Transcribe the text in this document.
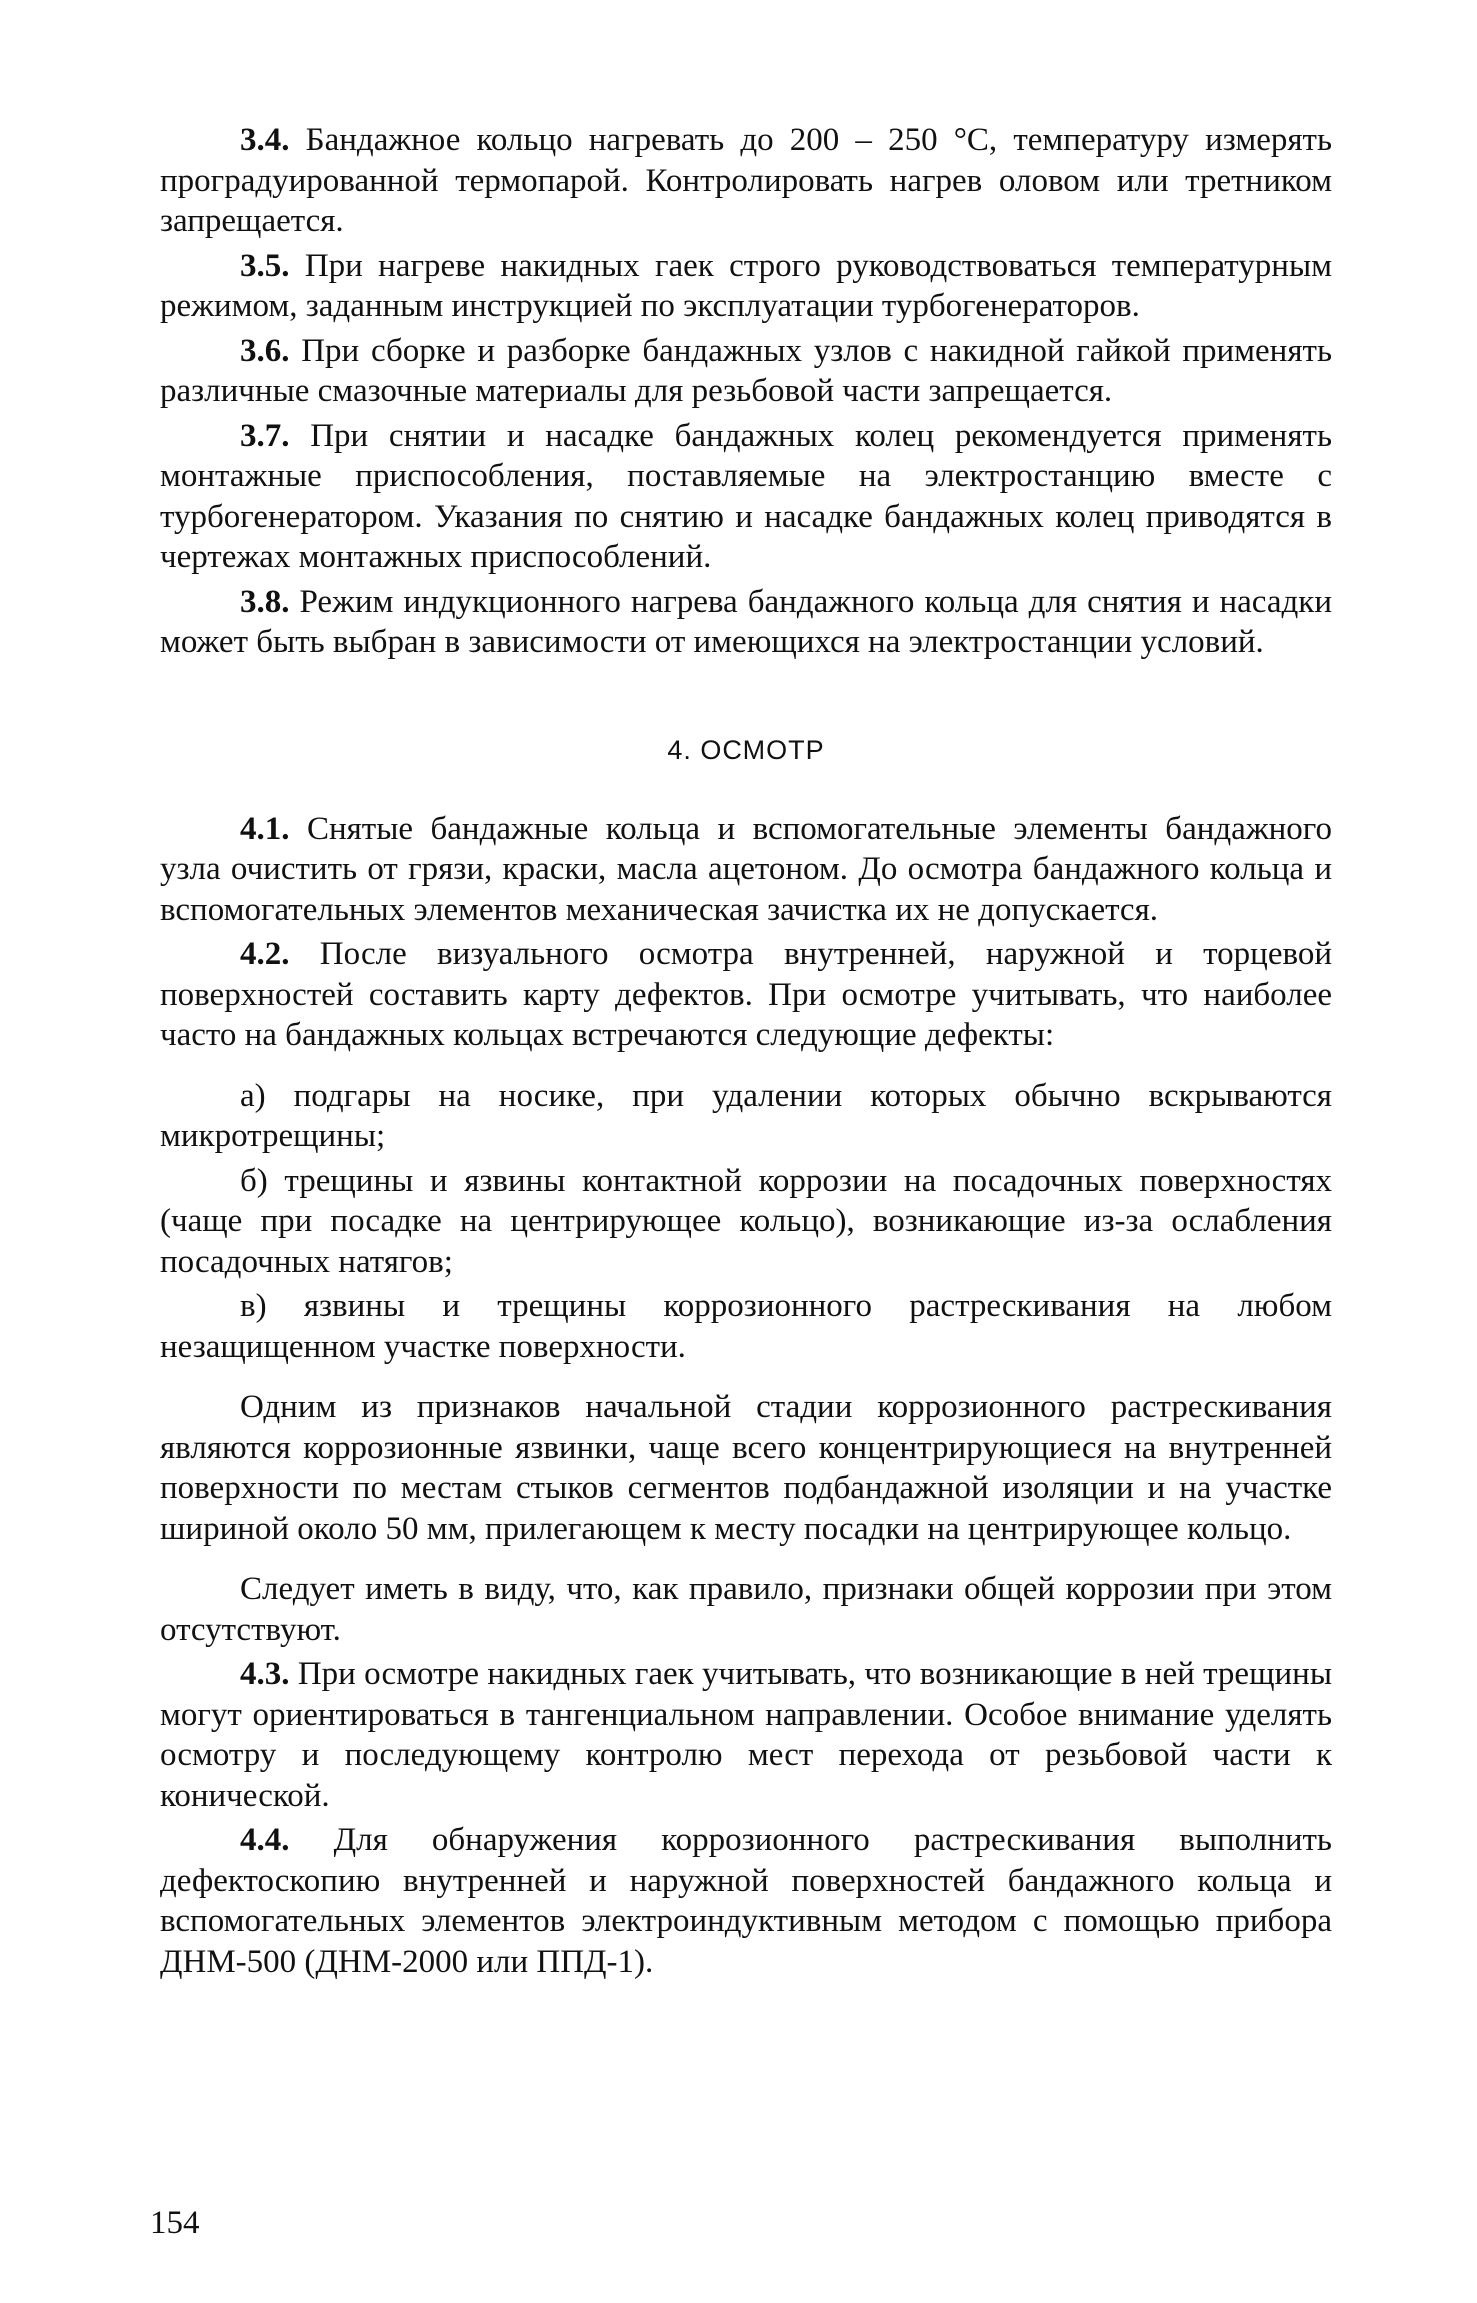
3.4. Бандажное кольцо нагревать до 200 – 250 °С, температуру измерять проградуированной термопарой. Контролировать нагрев оловом или третником запрещается.

3.5. При нагреве накидных гаек строго руководствоваться температурным режимом, заданным инструкцией по эксплуатации турбогенераторов.

3.6. При сборке и разборке бандажных узлов с накидной гайкой применять различные смазочные материалы для резьбовой части запрещается.

3.7. При снятии и насадке бандажных колец рекомендуется применять монтажные приспособления, поставляемые на электростанцию вместе с турбогенератором. Указания по снятию и насадке бандажных колец приводятся в чертежах монтажных приспособлений.

3.8. Режим индукционного нагрева бандажного кольца для снятия и насадки может быть выбран в зависимости от имеющихся на электростанции условий.

4. ОСМОТР

4.1. Снятые бандажные кольца и вспомогательные элементы бандажного узла очистить от грязи, краски, масла ацетоном. До осмотра бандажного кольца и вспомогательных элементов механическая зачистка их не допускается.

4.2. После визуального осмотра внутренней, наружной и торцевой поверхностей составить карту дефектов. При осмотре учитывать, что наиболее часто на бандажных кольцах встречаются следующие дефекты:

а) подгары на носике, при удалении которых обычно вскрываются микротрещины;

б) трещины и язвины контактной коррозии на посадочных поверхностях (чаще при посадке на центрирующее кольцо), возникающие из-за ослабления посадочных натягов;

в) язвины и трещины коррозионного растрескивания на любом незащищенном участке поверхности.

Одним из признаков начальной стадии коррозионного растрескивания являются коррозионные язвинки, чаще всего концентрирующиеся на внутренней поверхности по местам стыков сегментов подбандажной изоляции и на участке шириной около 50 мм, прилегающем к месту посадки на центрирующее кольцо.

Следует иметь в виду, что, как правило, признаки общей коррозии при этом отсутствуют.

4.3. При осмотре накидных гаек учитывать, что возникающие в ней трещины могут ориентироваться в тангенциальном направлении. Особое внимание уделять осмотру и последующему контролю мест перехода от резьбовой части к конической.

4.4. Для обнаружения коррозионного растрескивания выполнить дефектоскопию внутренней и наружной поверхностей бандажного кольца и вспомогательных элементов электроиндуктивным методом с помощью прибора ДНМ-500 (ДНМ-2000 или ППД-1).

154
